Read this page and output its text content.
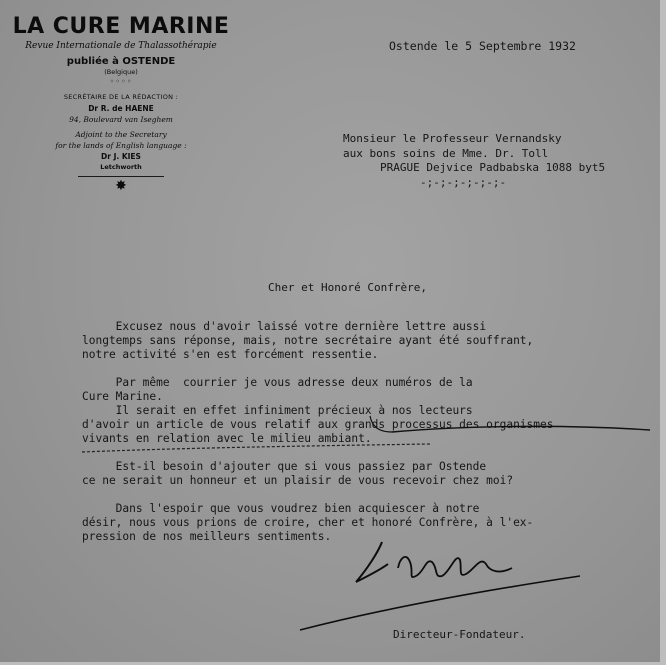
LA CURE MARINE
Revue Internationale de Thalassothérapie
publiée à OSTENDE
(Belgique)
◦◦◦◦
SECRÉTAIRE DE LA RÉDACTION :
Dr R. de HAENE
94, Boulevard van Iseghem
Adjoint to the Secretary
for the lands of English language :
Dr J. KIES
Letchworth
✸
Ostende le 5 Septembre 1932
Monsieur le Professeur Vernandsky
aux bons soins de Mme. Dr. Toll
PRAGUE Dejvice Padbabska 1088 byt5
-;-;-;-;-;-;-
Cher et Honoré Confrère,
Excusez nous d'avoir laissé votre dernière lettre aussi
longtemps sans réponse, mais, notre secrétaire ayant été souffrant,
notre activité s'en est forcément ressentie.
Par même  courrier je vous adresse deux numéros de la
Cure Marine.
Il serait en effet infiniment précieux à nos lecteurs
d'avoir un article de vous relatif aux grands processus des organismes
vivants en relation avec le milieu ambiant.
Est-il besoin d'ajouter que si vous passiez par Ostende
ce ne serait un honneur et un plaisir de vous recevoir chez moi?
Dans l'espoir que vous voudrez bien acquiescer à notre
désir, nous vous prions de croire, cher et honoré Confrère, à l'ex-
pression de nos meilleurs sentiments.
Directeur-Fondateur.
